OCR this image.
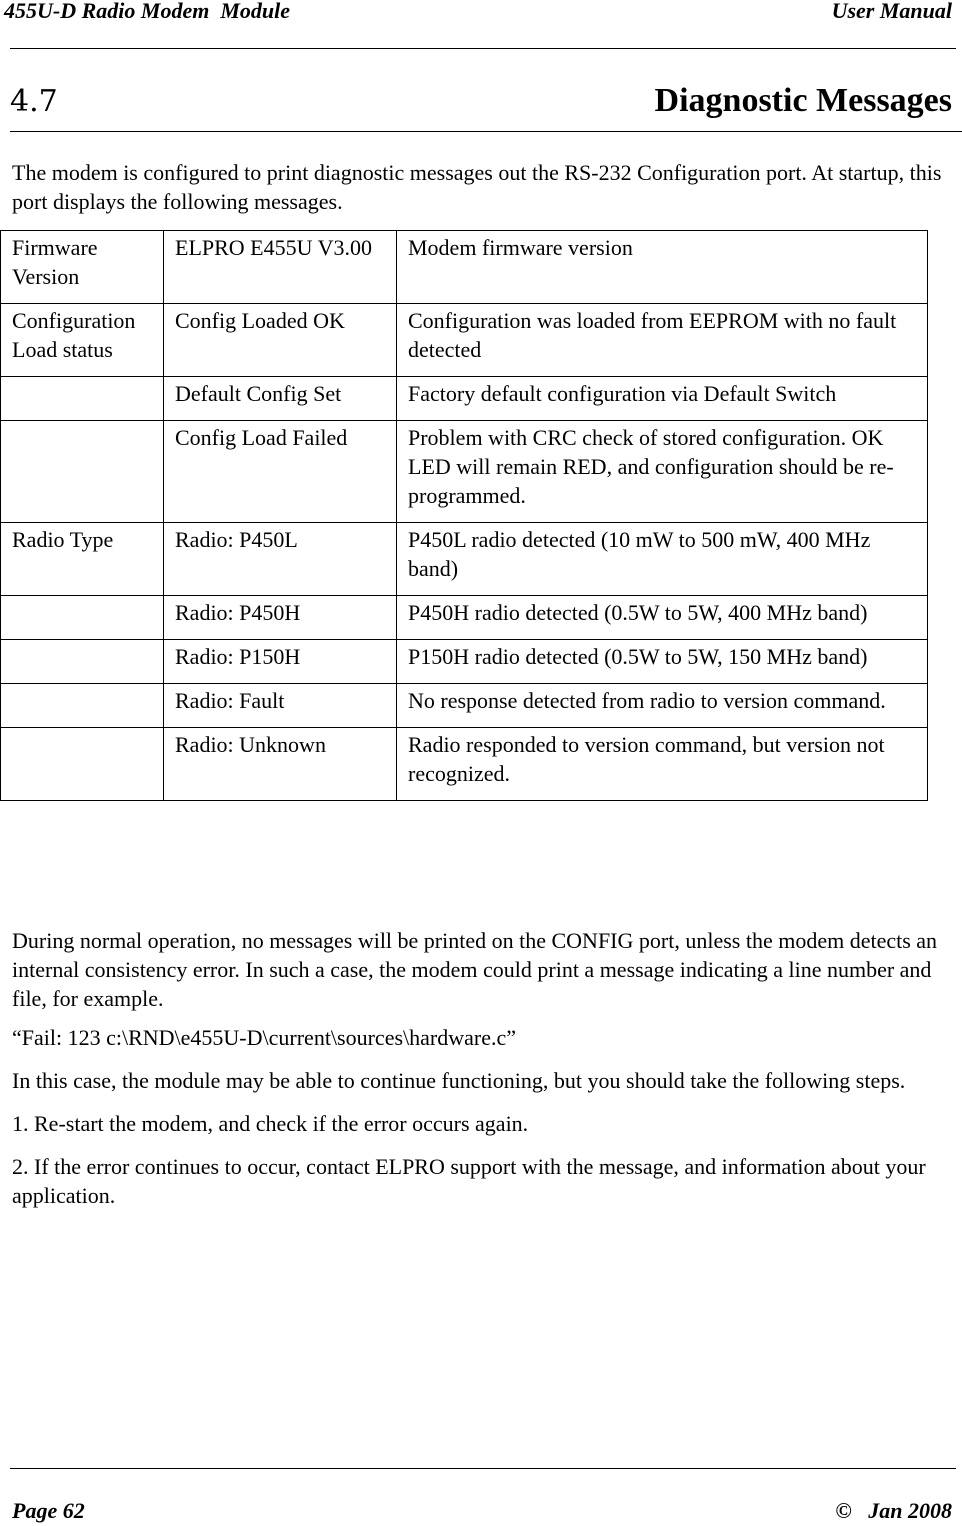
455U-D Radio Modem  Module	User Manual
4.7	Diagnostic Messages

The modem is configured to print diagnostic messages out the RS-232 Configuration port. At startup, this port displays the following messages.

Firmware Version	ELPRO E455U V3.00	Modem firmware version
Configuration Load status	Config Loaded OK	Configuration was loaded from EEPROM with no fault detected
	Default Config Set	Factory default configuration via Default Switch
	Config Load Failed	Problem with CRC check of stored configuration. OK LED will remain RED, and configuration should be re-programmed.
Radio Type	Radio: P450L	P450L radio detected (10 mW to 500 mW, 400 MHz band)
	Radio: P450H	P450H radio detected (0.5W to 5W, 400 MHz band)
	Radio: P150H	P150H radio detected (0.5W to 5W, 150 MHz band)
	Radio: Fault	No response detected from radio to version command.
	Radio: Unknown	Radio responded to version command, but version not recognized.

During normal operation, no messages will be printed on the CONFIG port, unless the modem detects an internal consistency error. In such a case, the modem could print a message indicating a line number and file, for example.

“Fail: 123 c:\RND\e455U-D\current\sources\hardware.c”

In this case, the module may be able to continue functioning, but you should take the following steps.

1. Re-start the modem, and check if the error occurs again.

2. If the error continues to occur, contact ELPRO support with the message, and information about your application.

Page 62	©   Jan 2008
